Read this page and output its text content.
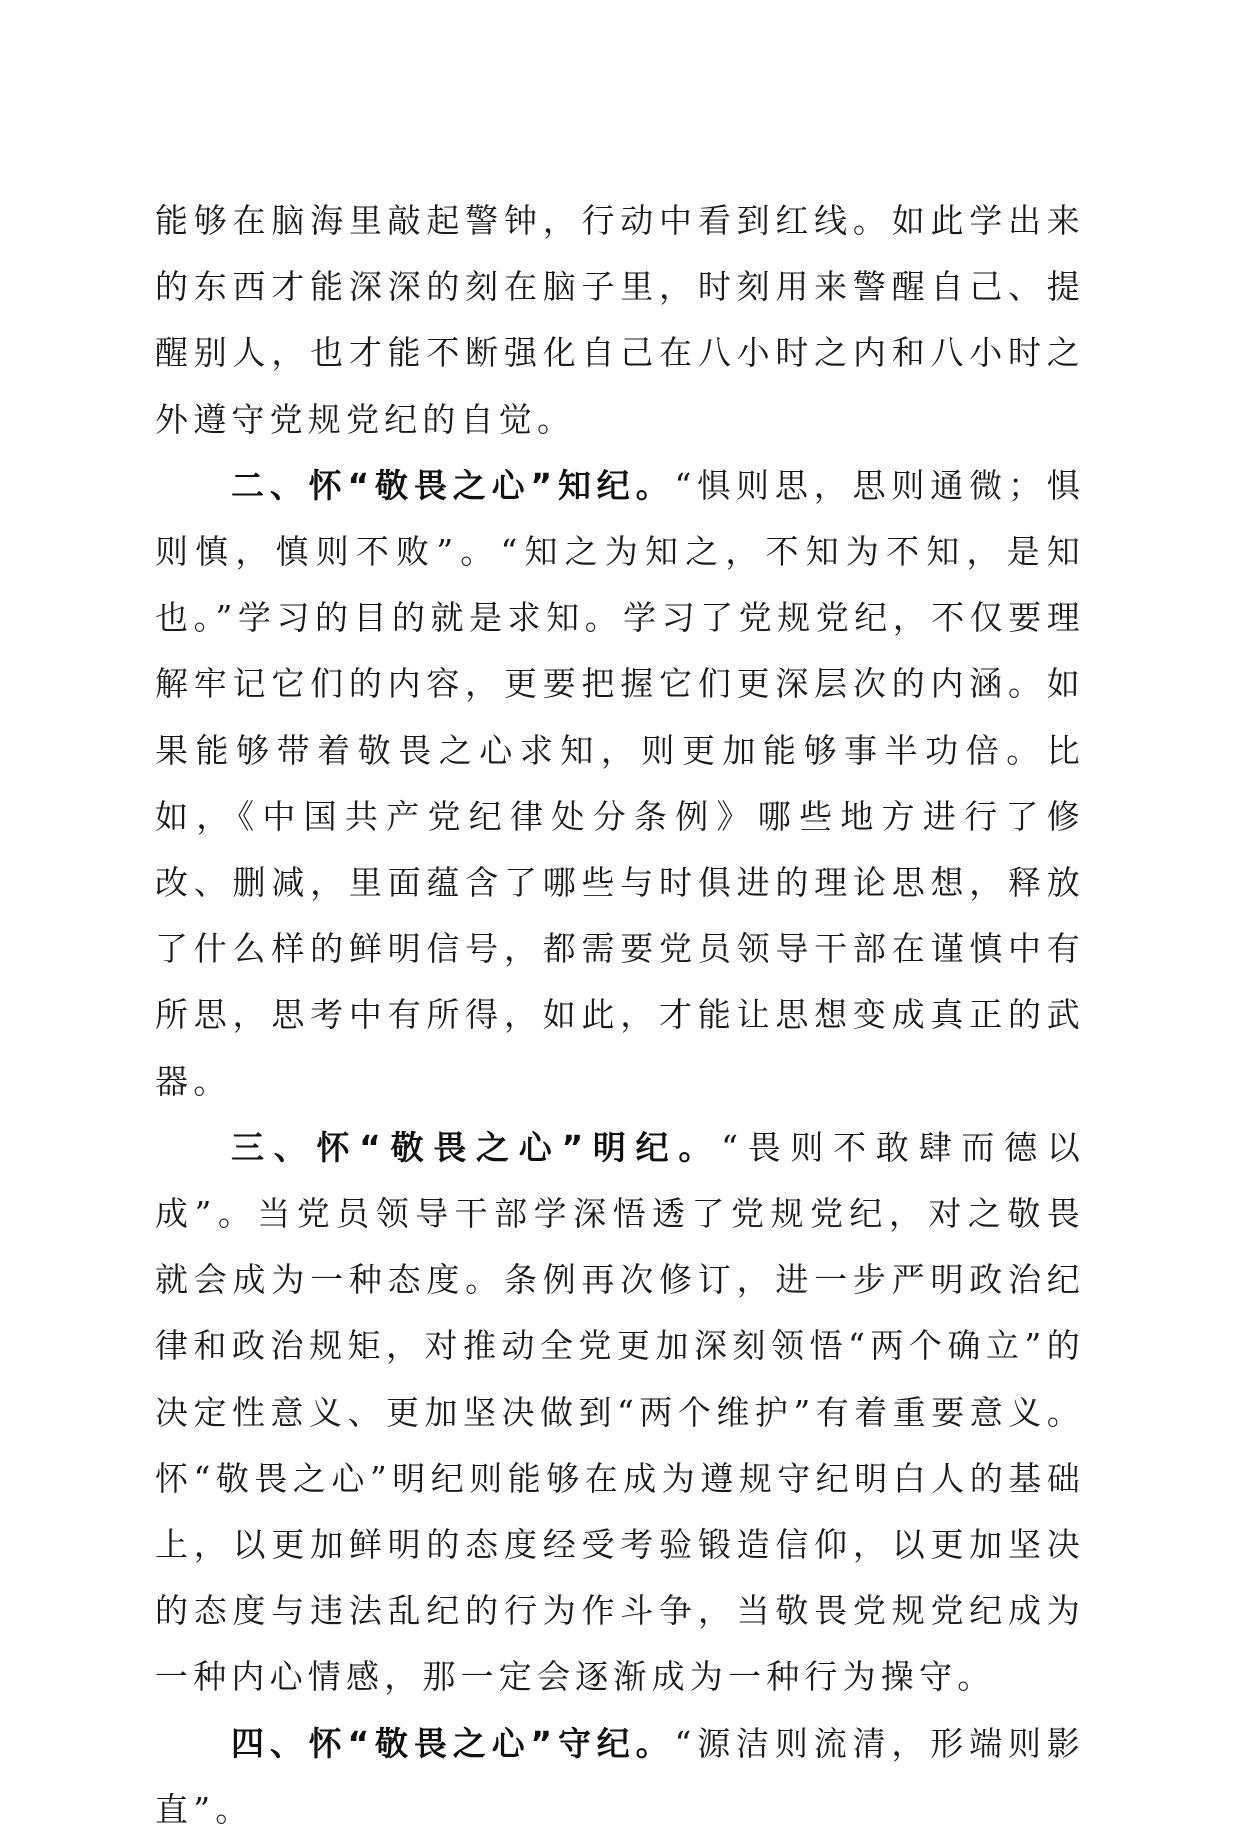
能够在脑海里敲起警钟，行动中看到红线。如此学出来的东西才能深深的刻在脑子里，时刻用来警醒自己、提醒别人，也才能不断强化自己在八小时之内和八小时之外遵守党规党纪的自觉。

二、怀“敬畏之心”知纪。“惧则思，思则通微；惧则慎，慎则不败”。“知之为知之，不知为不知，是知也。”学习的目的就是求知。学习了党规党纪，不仅要理解牢记它们的内容，更要把握它们更深层次的内涵。如果能够带着敬畏之心求知，则更加能够事半功倍。比如，《中国共产党纪律处分条例》哪些地方进行了修改、删减，里面蕴含了哪些与时俱进的理论思想，释放了什么样的鲜明信号，都需要党员领导干部在谨慎中有所思，思考中有所得，如此，才能让思想变成真正的武器。

三、怀“敬畏之心”明纪。“畏则不敢肆而德以成”。当党员领导干部学深悟透了党规党纪，对之敬畏就会成为一种态度。条例再次修订，进一步严明政治纪律和政治规矩，对推动全党更加深刻领悟“两个确立”的决定性意义、更加坚决做到“两个维护”有着重要意义。怀“敬畏之心”明纪则能够在成为遵规守纪明白人的基础上，以更加鲜明的态度经受考验锻造信仰，以更加坚决的态度与违法乱纪的行为作斗争，当敬畏党规党纪成为一种内心情感，那一定会逐渐成为一种行为操守。

四、怀“敬畏之心”守纪。“源洁则流清，形端则影直”。
